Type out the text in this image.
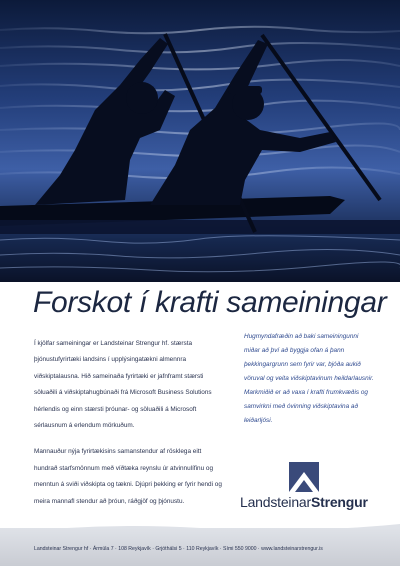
Forskot í krafti sameiningar

Í kjölfar sameiningar er Landsteinar Strengur hf. stærsta þjónustufyrirtæki landsins í upplýsingatækni almennra viðskiptalausna. Hið sameinaða fyrirtæki er jafnframt stærsti söluaðili á viðskiptahugbúnaði frá Microsoft Business Solutions hérlendis og einn stærsti þróunar- og söluaðili á Microsoft sérlausnum á erlendum mörkuðum.

Mannauður nýja fyrirtækisins samanstendur af rösklega eitt hundrað starfsmönnum með víðtæka reynslu úr atvinnulífinu og menntun á sviði viðskipta og tækni. Djúpri þekking er fyrir hendi og meira mannafl stendur að þróun, ráðgjöf og þjónustu.

Hugmyndafræðin að baki sameiningunni miðar að því að byggja ofan á þann þekkingargrunn sem fyrir var, bjóða aukið vöruval og veita viðskiptavinum heildarlausnir. Markmiðið er að vaxa í krafti frumkvæðis og samvirkni með óvinning viðskiptavina að leiðarljósi.
LandsteinarStrengur
Landsteinar Strengur hf · Ármúla 7 · 108 Reykjavík · Grjóthálsi 5 · 110 Reykjavík · Sími 550 9000 · www.landsteinarstrengur.is
